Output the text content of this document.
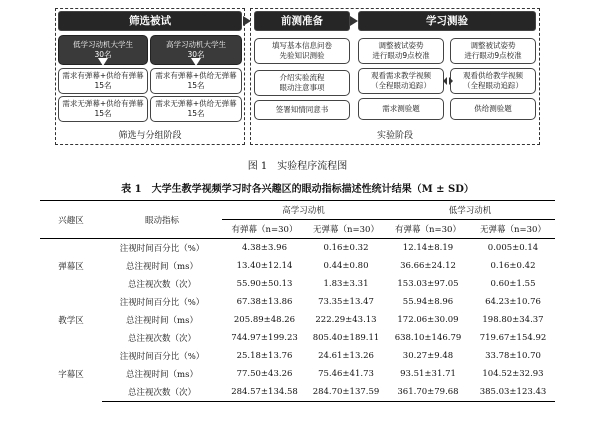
筛选被试
低学习动机大学生
30名
高学习动机大学生
30名
需求有弹幕+供给有弹幕
15名
需求有弹幕+供给无弹幕
15名
需求无弹幕+供给有弹幕
15名
需求无弹幕+供给无弹幕
15名
筛选与分组阶段
前测准备
填写基本信息问卷
先验知识测验
介绍实验流程
眼动注意事项
签署知情同意书
学习测验
调整被试姿势
进行眼动9点校准
调整被试姿势
进行眼动9点校准
观看需求教学视频
（全程眼动追踪）
观看供给教学视频
（全程眼动追踪）
需求测验题	供给测验题
实验阶段
图 1　实验程序流程图
表 1　大学生教学视频学习时各兴趣区的眼动指标描述性统计结果（M ± SD）
兴趣区	眼动指标	高学习动机		低学习动机	
		有弹幕（n=30）	无弹幕（n=30）	有弹幕（n=30）	无弹幕（n=30）
弹幕区	注视时间百分比（%）	4.38±3.96	0.16±0.32	12.14±8.19	0.005±0.14
	总注视时间（ms）	13.40±12.14	0.44±0.80	36.66±24.12	0.16±0.42
	总注视次数（次）	55.90±50.13	1.83±3.31	153.03±97.05	0.60±1.55
教学区	注视时间百分比（%）	67.38±13.86	73.35±13.47	55.94±8.96	64.23±10.76
	总注视时间（ms）	205.89±48.26	222.29±43.13	172.06±30.09	198.80±34.37
	总注视次数（次）	744.97±199.23	805.40±189.11	638.10±146.79	719.67±154.92
字幕区	注视时间百分比（%）	25.18±13.76	24.61±13.26	30.27±9.48	33.78±10.70
	总注视时间（ms）	77.50±43.26	75.46±41.73	93.51±31.71	104.52±32.93
	总注视次数（次）	284.57±134.58	284.70±137.59	361.70±79.68	385.03±123.43
